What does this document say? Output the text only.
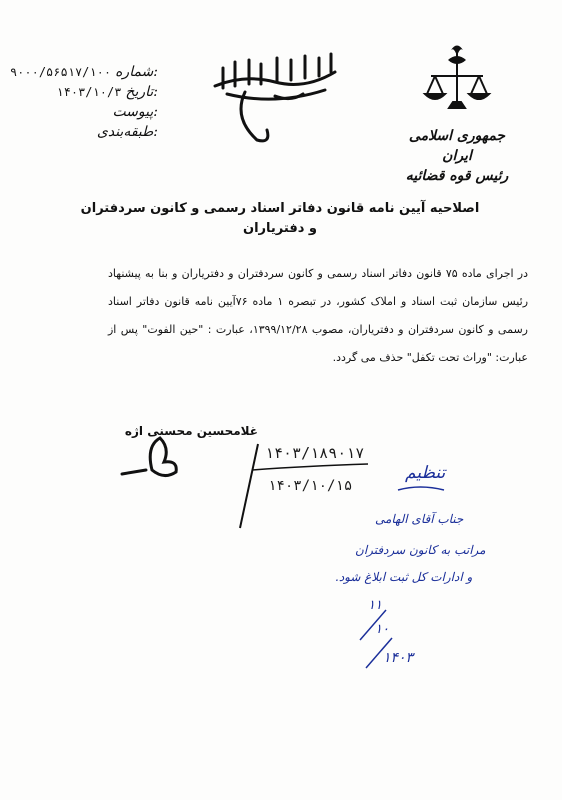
جمهوری اسلامی ایران
رئیس قوه قضائیه
۹۰۰۰/۵۶۵۱۷/۱۰۰ شماره:
۱۴۰۳/۱۰/۳ تاریخ:
پیوست:
طبقه‌بندی:
اصلاحیه آیین نامه قانون دفاتر اسناد رسمی و کانون سردفتران و دفتریاران
در اجرای ماده ۷۵ قانون دفاتر اسناد رسمی و کانون سردفتران و دفتریاران و بنا به پیشنهاد رئیس سازمان ثبت اسناد و املاک کشور، در تبصره ۱ ماده ۷۶آیین نامه قانون دفاتر اسناد رسمی و کانون سردفتران و دفتریاران، مصوب ۱۳۹۹/۱۲/۲۸، عبارت : "حین الفوت" پس از عبارت: "وراث تحت تکفل" حذف می گردد.
غلامحسین محسنی اژه
۱۴۰۳/۱۸۹۰۱۷
۱۴۰۳/۱۰/۱۵
تنظیم
جناب آقای الهامی
مراتب به کانون سردفتران
و ادارات کل ثبت ابلاغ شود.
۱۱
۱۰
۱۴۰۳
